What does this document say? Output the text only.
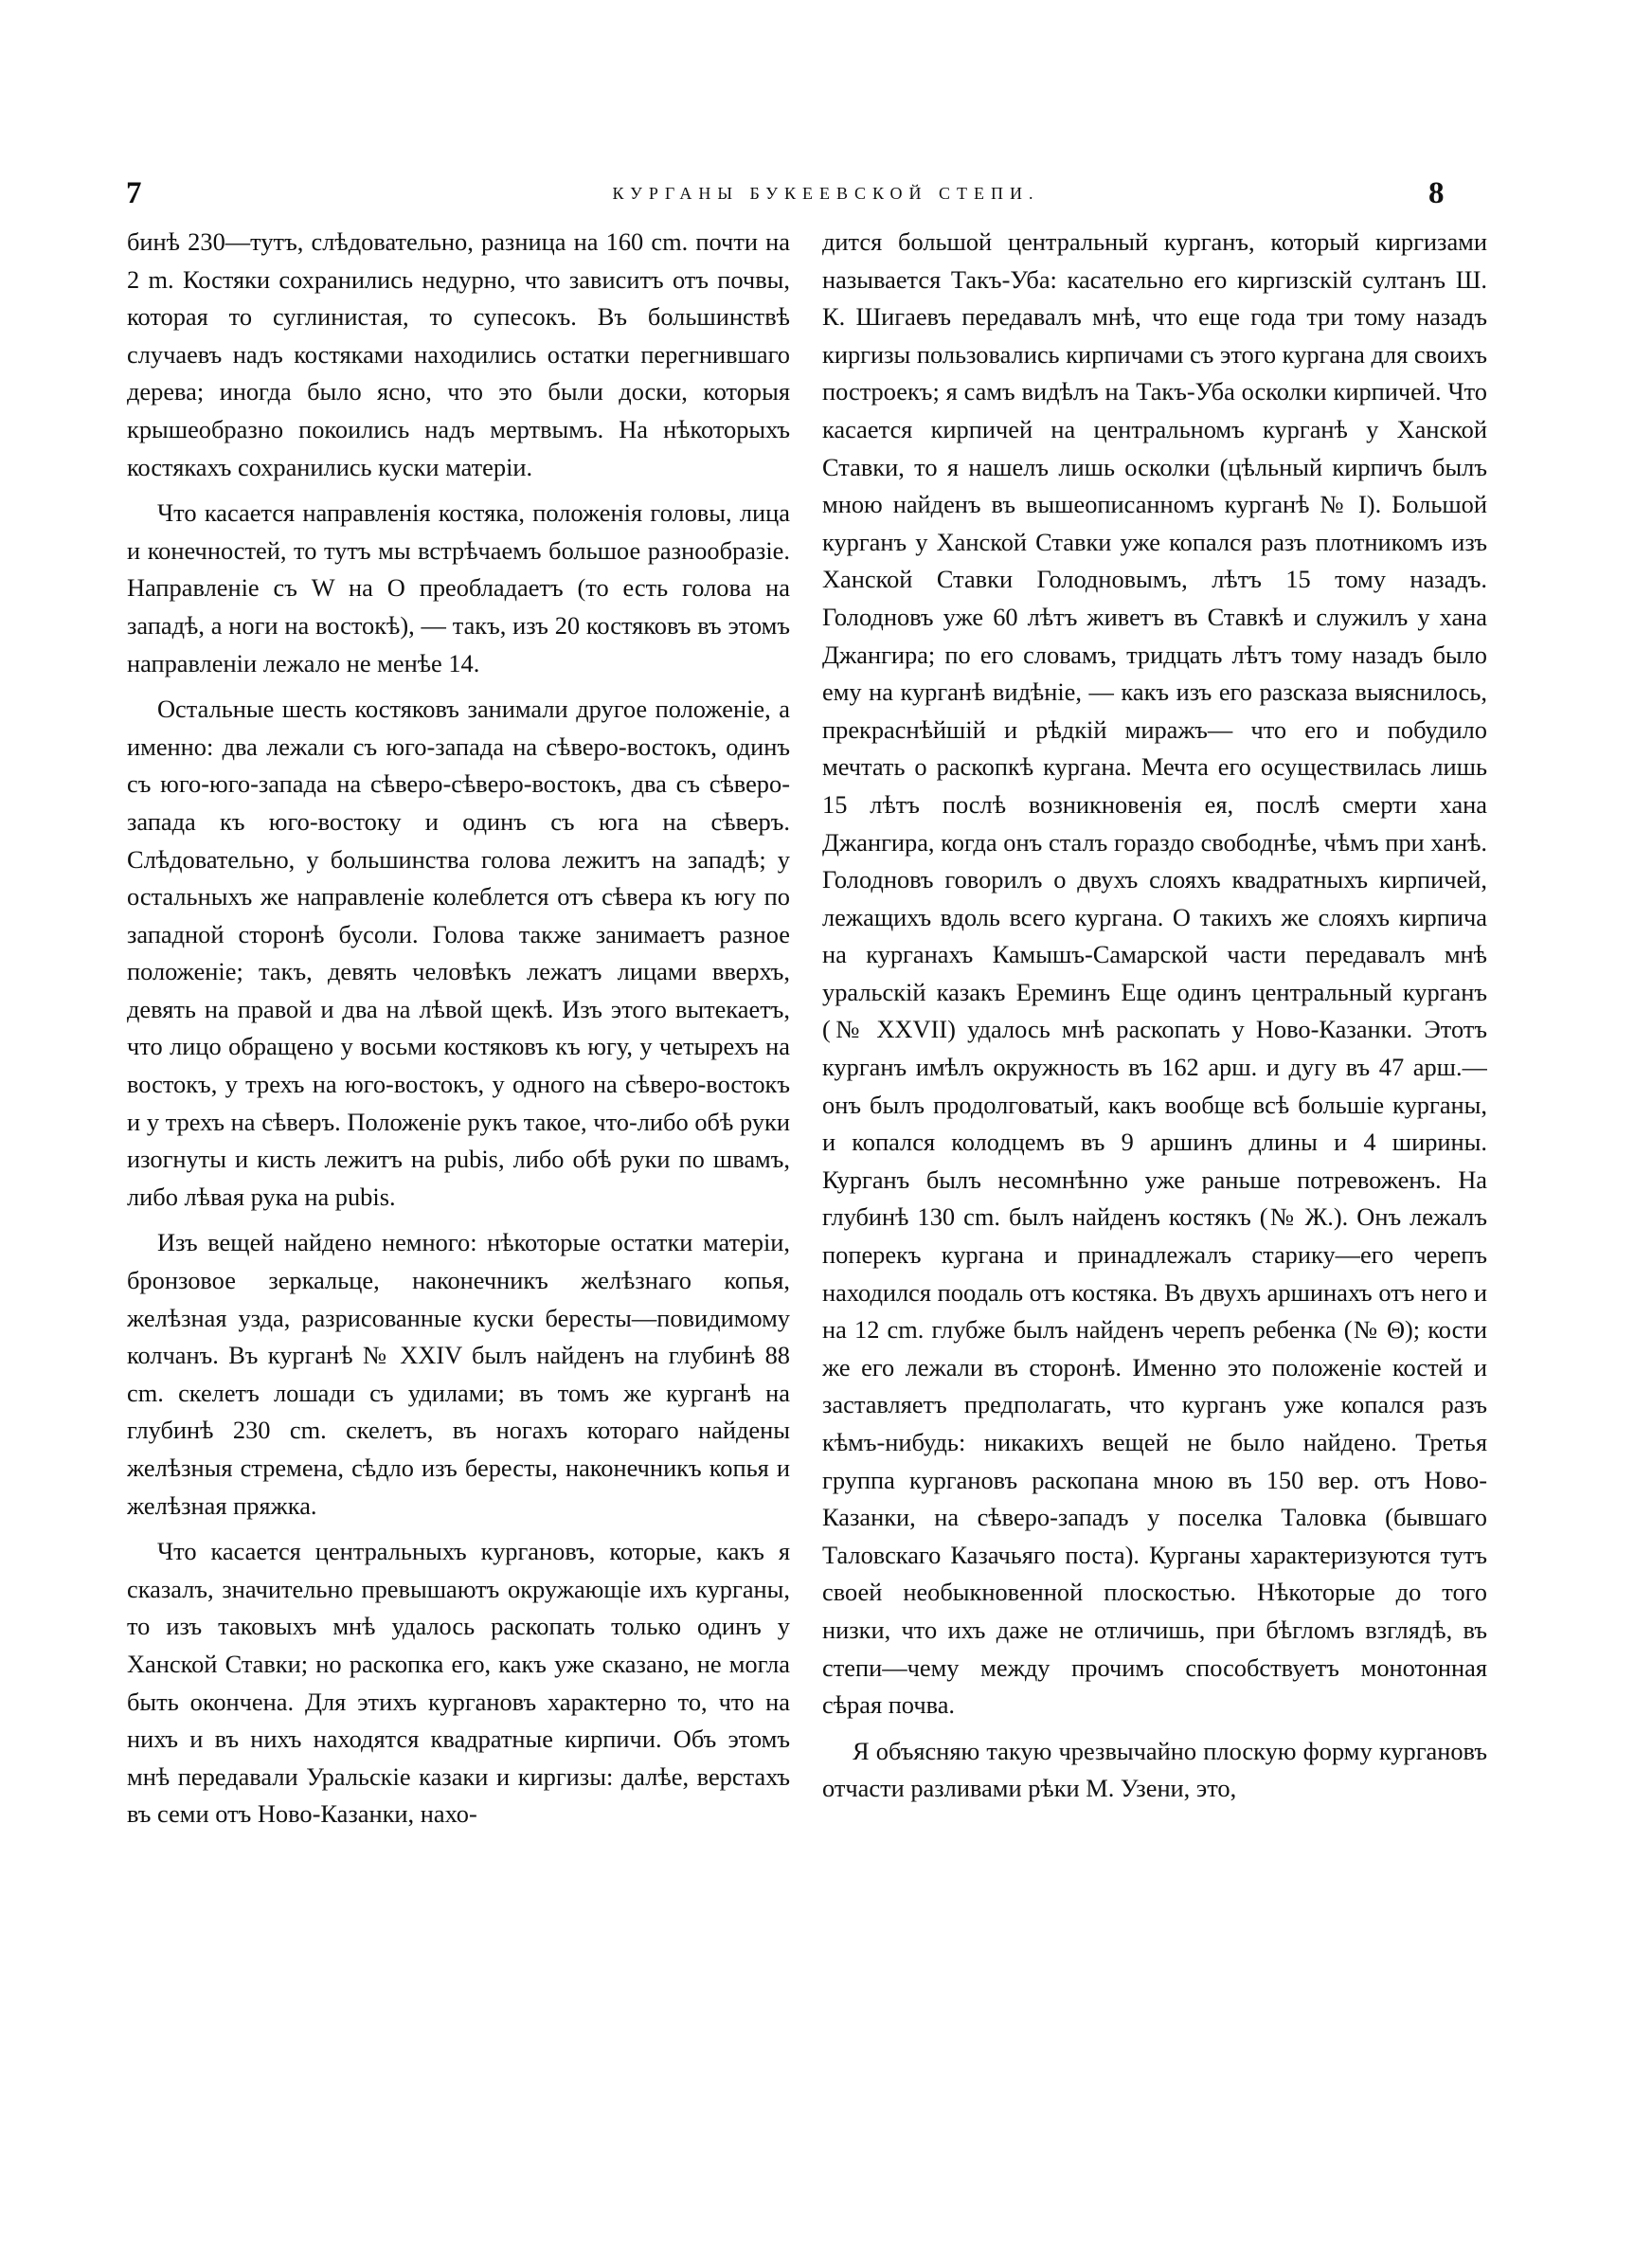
7	КУРГАНЫ БУКЕЕВСКОЙ СТЕПИ.	8

бинѣ 230—тутъ, слѣдовательно, разница на 160 cm. почти на 2 m. Костяки сохранились недурно, что зависитъ отъ почвы, которая то суглинистая, то супесокъ. Въ большинствѣ случаевъ надъ костяками находились остатки перегнившаго дерева; иногда было ясно, что это были доски, которыя крышеобразно покоились надъ мертвымъ. На нѣкоторыхъ костякахъ сохранились куски матеріи.

Что касается направленія костяка, положенія головы, лица и конечностей, то тутъ мы встрѣчаемъ большое разнообразіе. Направленіе съ W на O преобладаетъ (то есть голова на западѣ, а ноги на востокѣ), — такъ, изъ 20 костяковъ въ этомъ направленіи лежало не менѣе 14.

Остальные шесть костяковъ занимали другое положеніе, а именно: два лежали съ юго-запада на сѣверо-востокъ, одинъ съ юго-юго-запада на сѣверо-сѣверо-востокъ, два съ сѣверо-запада къ юго-востоку и одинъ съ юга на сѣверъ. Слѣдовательно, у большинства голова лежитъ на западѣ; у остальныхъ же направленіе колеблется отъ сѣвера къ югу по западной сторонѣ бусоли. Голова также занимаетъ разное положеніе; такъ, девять человѣкъ лежатъ лицами вверхъ, девять на правой и два на лѣвой щекѣ. Изъ этого вытекаетъ, что лицо обращено у восьми костяковъ къ югу, у четырехъ на востокъ, у трехъ на юго-востокъ, у одного на сѣверо-востокъ и у трехъ на сѣверъ. Положеніе рукъ такое, что-либо обѣ руки изогнуты и кисть лежитъ на pubis, либо обѣ руки по швамъ, либо лѣвая рука на pubis.

Изъ вещей найдено немного: нѣкоторые остатки матеріи, бронзовое зеркальце, наконечникъ желѣзнаго копья, желѣзная узда, разрисованные куски бересты—повидимому колчанъ. Въ курганѣ № XXIV былъ найденъ на глубинѣ 88 cm. скелетъ лошади съ удилами; въ томъ же курганѣ на глубинѣ 230 cm. скелетъ, въ ногахъ котораго найдены желѣзныя стремена, сѣдло изъ бересты, наконечникъ копья и желѣзная пряжка.

Что касается центральныхъ кургановъ, которые, какъ я сказалъ, значительно превышаютъ окружающіе ихъ курганы, то изъ таковыхъ мнѣ удалось раскопать только одинъ у Ханской Ставки; но раскопка его, какъ уже сказано, не могла быть окончена. Для этихъ кургановъ характерно то, что на нихъ и въ нихъ находятся квадратные кирпичи. Объ этомъ мнѣ передавали Уральскіе казаки и киргизы: далѣе, верстахъ въ семи отъ Ново-Казанки, нахо-

дится большой центральный курганъ, который киргизами называется Такъ-Уба: касательно его киргизскій султанъ Ш. К. Шигаевъ передавалъ мнѣ, что еще года три тому назадъ киргизы пользовались кирпичами съ этого кургана для своихъ построекъ; я самъ видѣлъ на Такъ-Уба осколки кирпичей. Что касается кирпичей на центральномъ курганѣ у Ханской Ставки, то я нашелъ лишь осколки (цѣльный кирпичъ былъ мною найденъ въ вышеописанномъ курганѣ № I). Большой курганъ у Ханской Ставки уже копался разъ плотникомъ изъ Ханской Ставки Голодновымъ, лѣтъ 15 тому назадъ. Голодновъ уже 60 лѣтъ живетъ въ Ставкѣ и служилъ у хана Джангира; по его словамъ, тридцать лѣтъ тому назадъ было ему на курганѣ видѣніе, — какъ изъ его разсказа выяснилось, прекраснѣйшій и рѣдкій миражъ— что его и побудило мечтать о раскопкѣ кургана. Мечта его осуществилась лишь 15 лѣтъ послѣ возникновенія ея, послѣ смерти хана Джангира, когда онъ сталъ гораздо свободнѣе, чѣмъ при ханѣ. Голодновъ говорилъ о двухъ слояхъ квадратныхъ кирпичей, лежащихъ вдоль всего кургана. О такихъ же слояхъ кирпича на курганахъ Камышъ-Самарской части передавалъ мнѣ уральскій казакъ Ереминъ Еще одинъ центральный курганъ (№ XXVII) удалось мнѣ раскопать у Ново-Казанки. Этотъ курганъ имѣлъ окружность въ 162 арш. и дугу въ 47 арш.— онъ былъ продолговатый, какъ вообще всѣ большіе курганы, и копался колодцемъ въ 9 аршинъ длины и 4 ширины. Курганъ былъ несомнѣнно уже раньше потревоженъ. На глубинѣ 130 cm. былъ найденъ костякъ (№ Ж.). Онъ лежалъ поперекъ кургана и принадлежалъ старику—его черепъ находился поодаль отъ костяка. Въ двухъ аршинахъ отъ него и на 12 cm. глубже былъ найденъ черепъ ребенка (№ Θ); кости же его лежали въ сторонѣ. Именно это положеніе костей и заставляетъ предполагать, что курганъ уже копался разъ кѣмъ-нибудь: никакихъ вещей не было найдено. Третья группа кургановъ раскопана мною въ 150 вер. отъ Ново-Казанки, на сѣверо-западъ у поселка Таловка (бывшаго Таловскаго Казачьяго поста). Курганы характеризуются тутъ своей необыкновенной плоскостью. Нѣкоторые до того низки, что ихъ даже не отличишь, при бѣгломъ взглядѣ, въ степи—чему между прочимъ способствуетъ монотонная сѣрая почва.

Я объясняю такую чрезвычайно плоскую форму кургановъ отчасти разливами рѣки М. Узени, это,
